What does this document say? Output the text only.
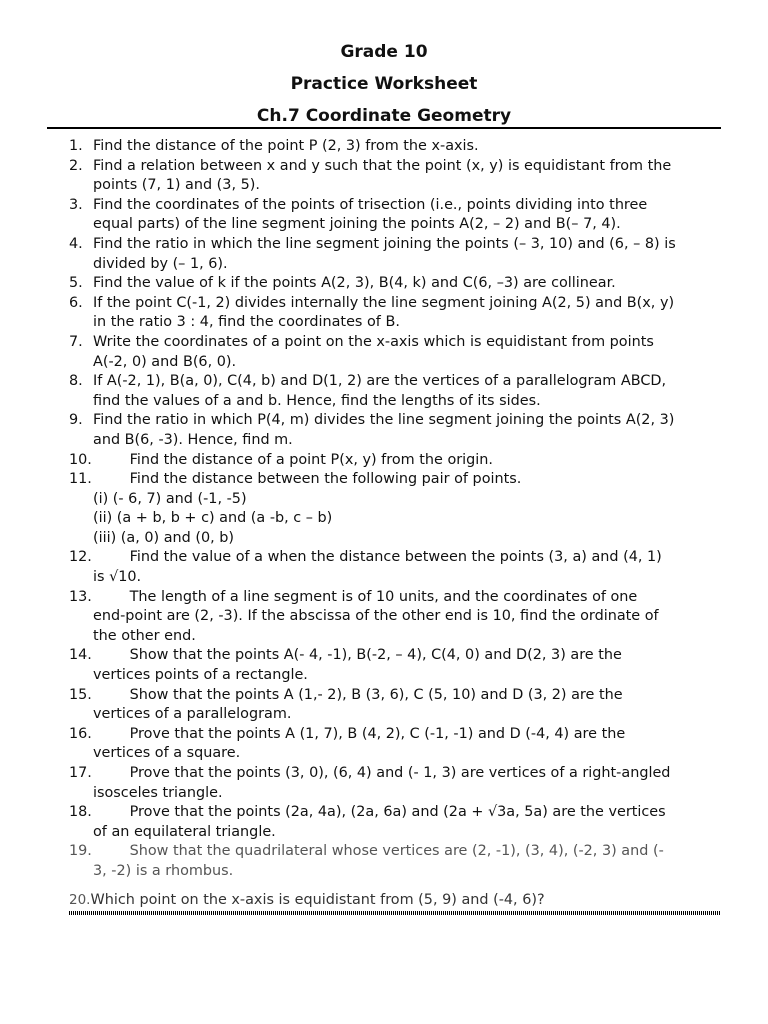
Grade 10
Practice Worksheet
Ch.7 Coordinate Geometry
1. Find the distance of the point P (2, 3) from the x-axis.
2. Find a relation between x and y such that the point (x, y) is equidistant from the
points (7, 1) and (3, 5).
3. Find the coordinates of the points of trisection (i.e., points dividing into three
equal parts) of the line segment joining the points A(2, – 2) and B(– 7, 4).
4. Find the ratio in which the line segment joining the points (– 3, 10) and (6, – 8) is
divided by (– 1, 6).
5. Find the value of k if the points A(2, 3), B(4, k) and C(6, –3) are collinear.
6. If the point C(-1, 2) divides internally the line segment joining A(2, 5) and B(x, y)
in the ratio 3 : 4, find the coordinates of B.
7. Write the coordinates of a point on the x-axis which is equidistant from points
A(-2, 0) and B(6, 0).
8. If A(-2, 1), B(a, 0), C(4, b) and D(1, 2) are the vertices of a parallelogram ABCD,
find the values of a and b. Hence, find the lengths of its sides.
9. Find the ratio in which P(4, m) divides the line segment joining the points A(2, 3)
and B(6, -3). Hence, find m.
10. Find the distance of a point P(x, y) from the origin.
11. Find the distance between the following pair of points.
(i) (- 6, 7) and (-1, -5)
(ii) (a + b, b + c) and (a -b, c – b)
(iii) (a, 0) and (0, b)
12. Find the value of a when the distance between the points (3, a) and (4, 1)
is √10.
13. The length of a line segment is of 10 units, and the coordinates of one
end-point are (2, -3). If the abscissa of the other end is 10, find the ordinate of
the other end.
14. Show that the points A(- 4, -1), B(-2, – 4), C(4, 0) and D(2, 3) are the
vertices points of a rectangle.
15. Show that the points A (1,- 2), B (3, 6), C (5, 10) and D (3, 2) are the
vertices of a parallelogram.
16. Prove that the points A (1, 7), B (4, 2), C (-1, -1) and D (-4, 4) are the
vertices of a square.
17. Prove that the points (3, 0), (6, 4) and (- 1, 3) are vertices of a right-angled
isosceles triangle.
18. Prove that the points (2a, 4a), (2a, 6a) and (2a + √3a, 5a) are the vertices
of an equilateral triangle.
19. Show that the quadrilateral whose vertices are (2, -1), (3, 4), (-2, 3) and (-
3, -2) is a rhombus.
20.Which point on the x-axis is equidistant from (5, 9) and (-4, 6)?
